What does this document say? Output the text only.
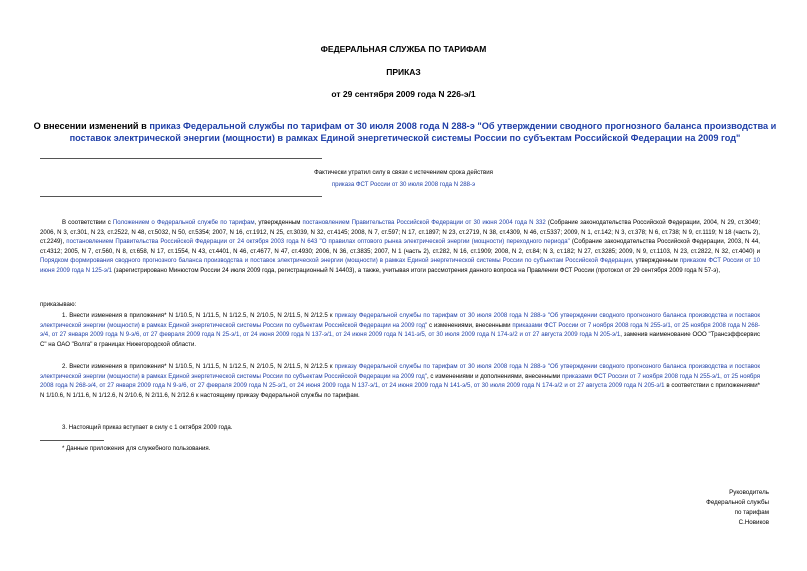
ФЕДЕРАЛЬНАЯ СЛУЖБА ПО ТАРИФАМ
ПРИКАЗ
от 29 сентября 2009 года N 226-э/1
О внесении изменений в приказ Федеральной службы по тарифам от 30 июля 2008 года N 288-э "Об утверждении сводного прогнозного баланса производства и поставок электрической энергии (мощности) в рамках Единой энергетической системы России по субъектам Российской Федерации на 2009 год"
Фактически утратил силу в связи с истечением срока действия
приказа ФСТ России от 30 июля 2008 года N 288-э
В соответствии с Положением о Федеральной службе по тарифам, утвержденным постановлением Правительства Российской Федерации от 30 июня 2004 года N 332 (Собрание законодательства Российской Федерации, 2004, N 29, ст.3049; 2006, N 3, ст.301, N 23, ст.2522, N 48, ст.5032, N 50, ст.5354; 2007, N 16, ст.1912, N 25, ст.3039, N 32, ст.4145; 2008, N 7, ст.597; N 17, ст.1897; N 23, ст.2719, N 38, ст.4309, N 46, ст.5337; 2009, N 1, ст.142; N 3, ст.378; N 6, ст.738; N 9, ст.1119; N 18 (часть 2), ст.2249), постановлением Правительства Российской Федерации от 24 октября 2003 года N 643 "О правилах оптового рынка электрической энергии (мощности) переходного периода" (Собрание законодательства Российской Федерации, 2003, N 44, ст.4312; 2005, N 7, ст.560, N 8, ст.658, N 17, ст.1554, N 43, ст.4401, N 46, ст.4677, N 47, ст.4930; 2006, N 36, ст.3835; 2007, N 1 (часть 2), ст.282, N 16, ст.1909; 2008, N 2, ст.84; N 3, ст.182; N 27, ст.3285; 2009, N 9, ст.1103, N 23, ст.2822, N 32, ст.4040) и Порядком формирования сводного прогнозного баланса производства и поставок электрической энергии (мощности) в рамках Единой энергетической системы России по субъектам Российской Федерации, утвержденным приказом ФСТ России от 10 июня 2009 года N 125-э/1 (зарегистрировано Минюстом России 24 июля 2009 года, регистрационный N 14403), а также, учитывая итоги рассмотрения данного вопроса на Правлении ФСТ России (протокол от 29 сентября 2009 года N 57-э),
приказываю:
1. Внести изменения в приложения* N 1/10.5, N 1/11.5, N 1/12.5, N 2/10.5, N 2/11.5, N 2/12.5 к приказу Федеральной службы по тарифам от 30 июля 2008 года N 288-э "Об утверждении сводного прогнозного баланса производства и поставок электрической энергии (мощности) в рамках Единой энергетической системы России по субъектам Российской Федерации на 2009 год" с изменениями, внесенными приказами ФСТ России от 7 ноября 2008 года N 255-э/1, от 25 ноября 2008 года N 268-э/4, от 27 января 2009 года N 9-э/6, от 27 февраля 2009 года N 25-э/1, от 24 июня 2009 года N 137-э/1, от 24 июня 2009 года N 141-э/5, от 30 июля 2009 года N 174-э/2 и от 27 августа 2009 года N 205-э/1, заменив наименование ООО "Трансэффсервис С" на ОАО "Волга" в границах Нижегородской области.
2. Внести изменения в приложения* N 1/10.5, N 1/11.5, N 1/12.5, N 2/10.5, N 2/11.5, N 2/12.5 к приказу Федеральной службы по тарифам от 30 июля 2008 года N 288-э "Об утверждении сводного прогнозного баланса производства и поставок электрической энергии (мощности) в рамках Единой энергетической системы России по субъектам Российской Федерации на 2009 год", с изменениями и дополнениями, внесенными приказами ФСТ России от 7 ноября 2008 года N 255-э/1, от 25 ноября 2008 года N 268-э/4, от 27 января 2009 года N 9-э/6, от 27 февраля 2009 года N 25-э/1, от 24 июня 2009 года N 137-э/1, от 24 июня 2009 года N 141-э/5, от 30 июля 2009 года N 174-э/2 и от 27 августа 2009 года N 205-э/1 в соответствии с приложениями* N 1/10.6, N 1/11.6, N 1/12.6, N 2/10.6, N 2/11.6, N 2/12.6 к настоящему приказу Федеральной службы по тарифам.
3. Настоящий приказ вступает в силу с 1 октября 2009 года.
* Данные приложения для служебного пользования.
Руководитель
Федеральной службы
по тарифам
С.Новиков
